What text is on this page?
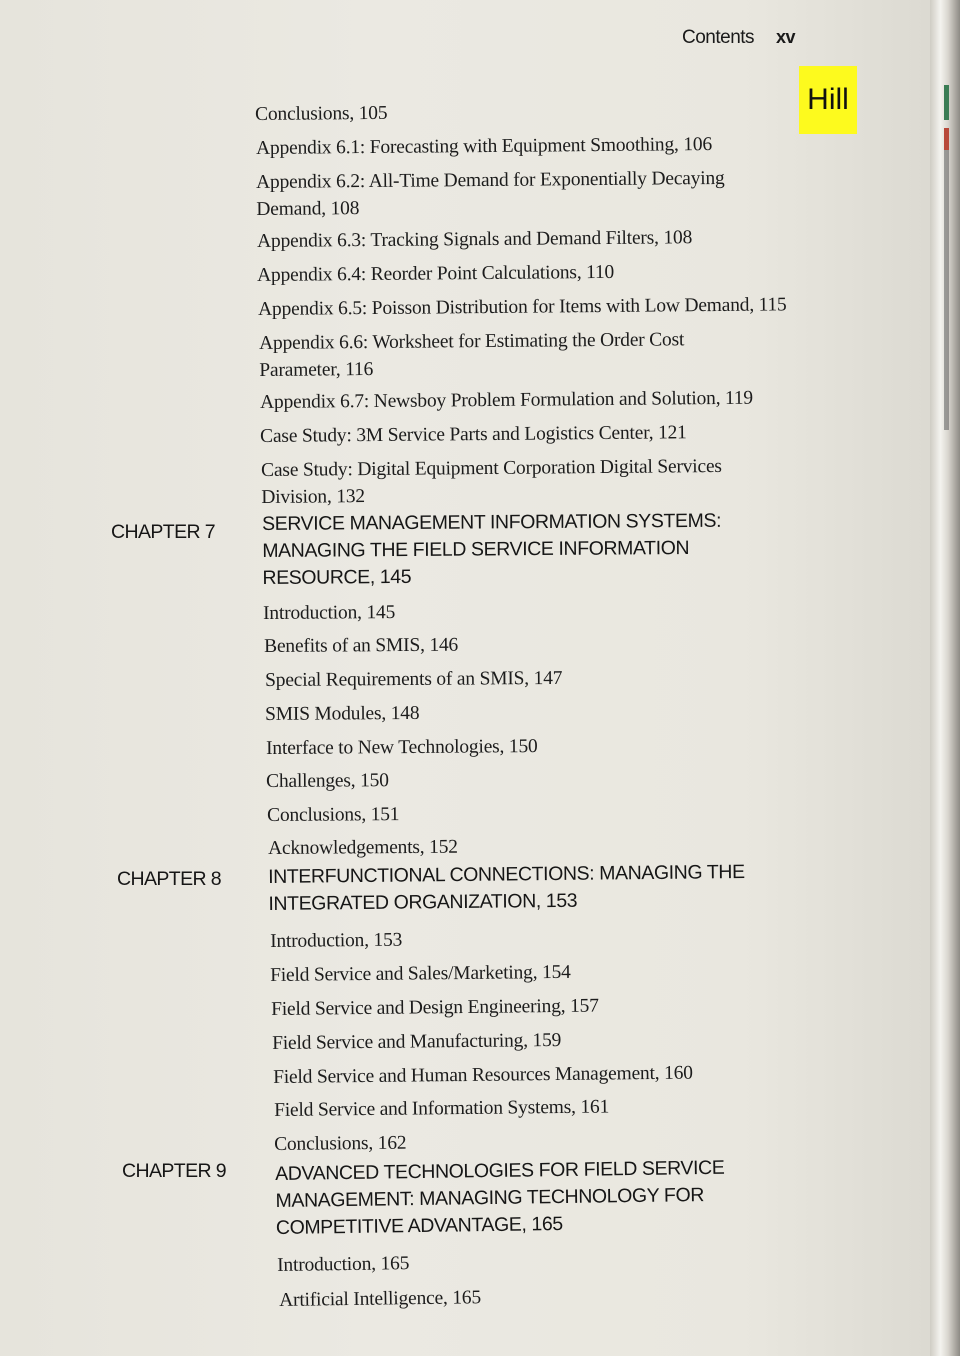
Contents xv
Hill
Conclusions, 105
Appendix 6.1: Forecasting with Equipment Smoothing, 106
Appendix 6.2: All-Time Demand for Exponentially Decaying
Demand, 108
Appendix 6.3: Tracking Signals and Demand Filters, 108
Appendix 6.4: Reorder Point Calculations, 110
Appendix 6.5: Poisson Distribution for Items with Low Demand, 115
Appendix 6.6: Worksheet for Estimating the Order Cost
Parameter, 116
Appendix 6.7: Newsboy Problem Formulation and Solution, 119
Case Study: 3M Service Parts and Logistics Center, 121
Case Study: Digital Equipment Corporation Digital Services
Division, 132
CHAPTER 7 SERVICE MANAGEMENT INFORMATION SYSTEMS:
MANAGING THE FIELD SERVICE INFORMATION
RESOURCE, 145
Introduction, 145
Benefits of an SMIS, 146
Special Requirements of an SMIS, 147
SMIS Modules, 148
Interface to New Technologies, 150
Challenges, 150
Conclusions, 151
Acknowledgements, 152
CHAPTER 8 INTERFUNCTIONAL CONNECTIONS: MANAGING THE
INTEGRATED ORGANIZATION, 153
Introduction, 153
Field Service and Sales/Marketing, 154
Field Service and Design Engineering, 157
Field Service and Manufacturing, 159
Field Service and Human Resources Management, 160
Field Service and Information Systems, 161
Conclusions, 162
CHAPTER 9	ADVANCED TECHNOLOGIES FOR FIELD SERVICE
MANAGEMENT: MANAGING TECHNOLOGY FOR
COMPETITIVE ADVANTAGE, 165
Introduction, 165
Artificial Intelligence, 165
